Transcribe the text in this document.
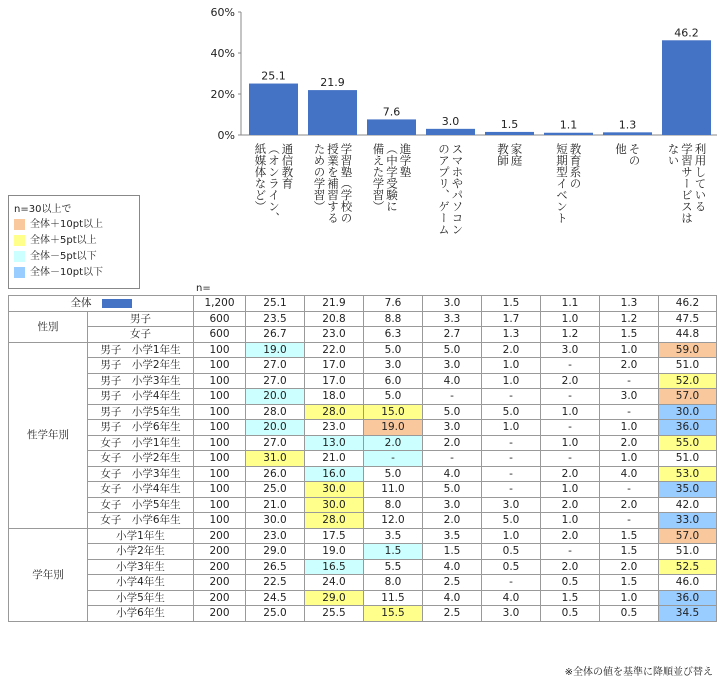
60%
40%
20%
0%
25.1
21.9
7.6
3.0	1.5	1.1	1.3
46.2
通信教育
（オンライン、
紙媒体など）	学習塾（学校の
授業を補習する
ための学習）	進学塾
（中学受験に
備えた学習）	スマホやパソコン
のアプリ、ゲーム	家庭
教師	教育系の
短期型イベント	その
他	利用している
学習サービスは
ない
n=30以上で
全体＋10pt以上
全体＋5pt以上
全体－5pt以下
全体－10pt以下
n=
全体		1,200	25.1	21.9	7.6	3.0	1.5	1.1	1.3	46.2
性別	男子	600	23.5	20.8	8.8	3.3	1.7	1.0	1.2	47.5
	女子	600	26.7	23.0	6.3	2.7	1.3	1.2	1.5	44.8
性学年別	男子　小学1年生	100	19.0	22.0	5.0	5.0	2.0	3.0	1.0	59.0
	男子　小学2年生	100	27.0	17.0	3.0	3.0	1.0	-	2.0	51.0
	男子　小学3年生	100	27.0	17.0	6.0	4.0	1.0	2.0	-	52.0
	男子　小学4年生	100	20.0	18.0	5.0	-	-	-	3.0	57.0
	男子　小学5年生	100	28.0	28.0	15.0	5.0	5.0	1.0	-	30.0
	男子　小学6年生	100	20.0	23.0	19.0	3.0	1.0	-	1.0	36.0
	女子　小学1年生	100	27.0	13.0	2.0	2.0	-	1.0	2.0	55.0
	女子　小学2年生	100	31.0	21.0	-	-	-	-	1.0	51.0
	女子　小学3年生	100	26.0	16.0	5.0	4.0	-	2.0	4.0	53.0
	女子　小学4年生	100	25.0	30.0	11.0	5.0	-	1.0	-	35.0
	女子　小学5年生	100	21.0	30.0	8.0	3.0	3.0	2.0	2.0	42.0
	女子　小学6年生	100	30.0	28.0	12.0	2.0	5.0	1.0	-	33.0
学年別	小学1年生	200	23.0	17.5	3.5	3.5	1.0	2.0	1.5	57.0
	小学2年生	200	29.0	19.0	1.5	1.5	0.5	-	1.5	51.0
	小学3年生	200	26.5	16.5	5.5	4.0	0.5	2.0	2.0	52.5
	小学4年生	200	22.5	24.0	8.0	2.5	-	0.5	1.5	46.0
	小学5年生	200	24.5	29.0	11.5	4.0	4.0	1.5	1.0	36.0
	小学6年生	200	25.0	25.5	15.5	2.5	3.0	0.5	0.5	34.5
※全体の値を基準に降順並び替え
